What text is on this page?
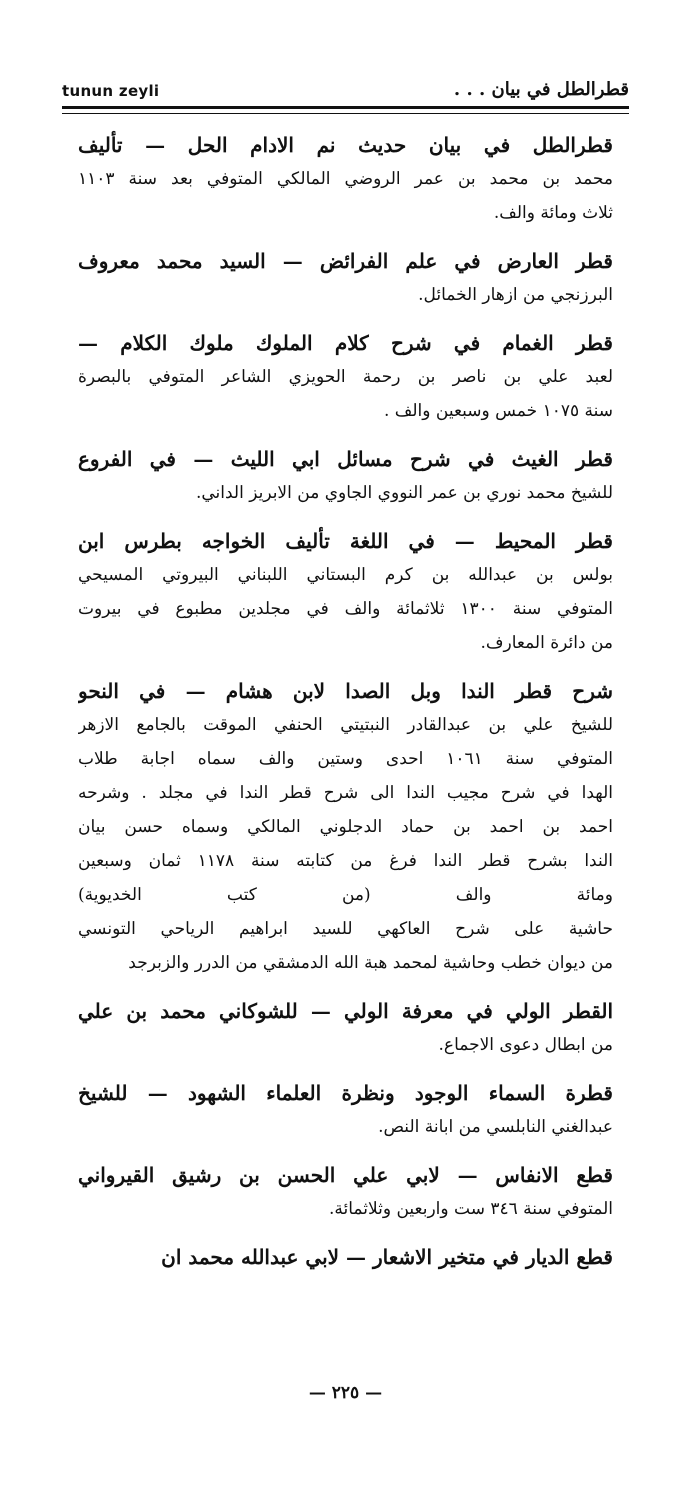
tunun zeyli	قطرالطل في بيان . . .
قطرالطل في بيان حديث نم الادام الحل — تأليف
محمد بن محمد بن عمر الروضي المالكي المتوفي بعد سنة ١١٠٣
ثلاث ومائة والف.
قطر العارض في علم الفرائض — السيد محمد معروف
البرزنجي من ازهار الخمائل.
قطر الغمام في شرح كلام الملوك ملوك الكلام —
لعبد علي بن ناصر بن رحمة الحويزي الشاعر المتوفي بالبصرة
سنة ١٠٧٥ خمس وسبعين والف .
قطر الغيث في شرح مسائل ابي الليث — في الفروع
للشيخ محمد نوري بن عمر النووي الجاوي من الابريز الداني.
قطر المحيط — في اللغة تأليف الخواجه بطرس ابن
بولس بن عبدالله بن كرم البستاني اللبناني البيروتي المسيحي
المتوفي سنة ١٣٠٠ ثلاثمائة والف في مجلدين مطبوع في بيروت
من دائرة المعارف.
شرح قطر الندا وبل الصدا لابن هشام — في النحو
للشيخ علي بن عبدالقادر النبتيتي الحنفي الموقت بالجامع الازهر
المتوفي سنة ١٠٦١ احدى وستين والف سماه اجابة طلاب
الهدا في شرح مجيب الندا الى شرح قطر الندا في مجلد . وشرحه
احمد بن احمد بن حماد الدجلوني المالكي وسماه حسن بيان
الندا بشرح قطر الندا فرغ من كتابته سنة ١١٧٨ ثمان وسبعين
ومائة والف (من كتب الخديوية)
حاشية على شرح العاكهي للسيد ابراهيم الرياحي التونسي
من ديوان خطب وحاشية لمحمد هبة الله الدمشقي من الدرر والزبرجد
القطر الولي في معرفة الولي — للشوكاني محمد بن علي
من ابطال دعوى الاجماع.
قطرة السماء الوجود ونظرة العلماء الشهود — للشيخ
عبدالغني النابلسي من ابانة النص.
قطع الانفاس — لابي علي الحسن بن رشيق القيرواني
المتوفي سنة ٣٤٦ ست واربعين وثلاثمائة.
قطع الديار في متخير الاشعار — لابي عبدالله محمد ان
— ٢٢٥ —
